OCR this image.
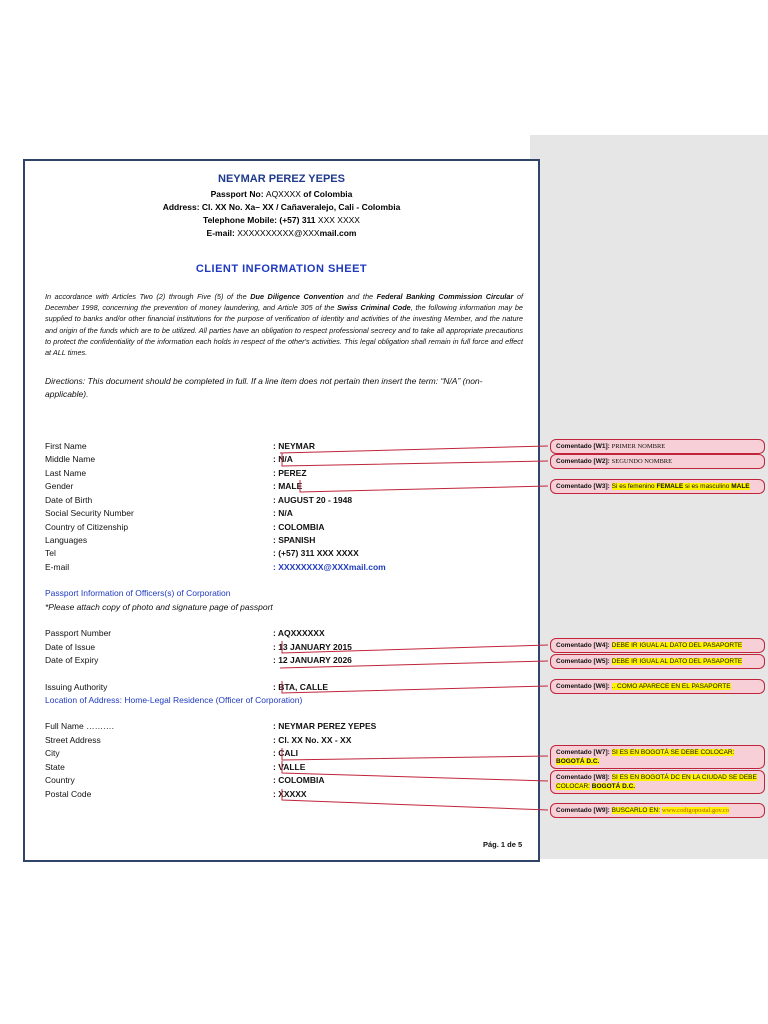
NEYMAR PEREZ YEPES
Passport No: AQXXXX of Colombia
Address: Cl. XX No. Xa– XX / Cañaveralejo, Cali - Colombia
Telephone Mobile: (+57) 311 XXX XXXX
E-mail: XXXXXXXXXX@XXXmail.com
CLIENT INFORMATION SHEET
In accordance with Articles Two (2) through Five (5) of the Due Diligence Convention and the Federal Banking Commission Circular of December 1998, concerning the prevention of money laundering, and Article 305 of the Swiss Criminal Code, the following information may be supplied to banks and/or other financial institutions for the purpose of verification of identity and activities of the investing Member, and the nature and origin of the funds which are to be utilized. All parties have an obligation to respect professional secrecy and to take all appropriate precautions to protect the confidentiality of the information each holds in respect of the other's activities. This legal obligation shall remain in full force and effect at ALL times.
Directions: This document should be completed in full. If a line item does not pertain then insert the term: “N/A” (non-applicable).
First Name	: NEYMAR
Middle Name	: N/A
Last Name	: PEREZ
Gender	: MALE
Date of Birth	: AUGUST 20 - 1948
Social Security Number	: N/A
Country of Citizenship	: COLOMBIA
Languages	: SPANISH
Tel	: (+57) 311 XXX XXXX
E-mail	: XXXXXXXX@XXXmail.com
Passport Information of Officers(s) of Corporation
*Please attach copy of photo and signature page of passport
Passport Number	: AQXXXXXX
Date of Issue	: 13 JANUARY 2015
Date of Expiry	: 12 JANUARY 2026
Issuing Authority	: BTA, CALLE
Location of Address: Home-Legal Residence (Officer of Corporation)
Full Name ……….	: NEYMAR PEREZ YEPES
Street Address	: Cl. XX No. XX - XX
City	: CALI
State	: VALLE
Country	: COLOMBIA
Postal Code	: XXXXX
Pág. 1 de 5
Comentado [W1]: PRIMER NOMBRE
Comentado [W2]: SEGUNDO NOMBRE
Comentado [W3]: Si es femenino FEMALE si es masculino MALE
Comentado [W4]: DEBE IR IGUAL AL DATO DEL PASAPORTE
Comentado [W5]: DEBE IR IGUAL AL DATO DEL PASAPORTE
Comentado [W6]: .. COMO APARECE EN EL PASAPORTE
Comentado [W7]: SI ES EN BOGOTÁ SE DEBE COLOCAR:
BOGOTÁ D.C.
Comentado [W8]: SI ES EN BOGOTÁ DC EN LA CIUDAD SE DEBE COLOCAR: BOGOTÁ D.C.
Comentado [W9]: BUSCARLO EN: www.codigopostal.gov.co
